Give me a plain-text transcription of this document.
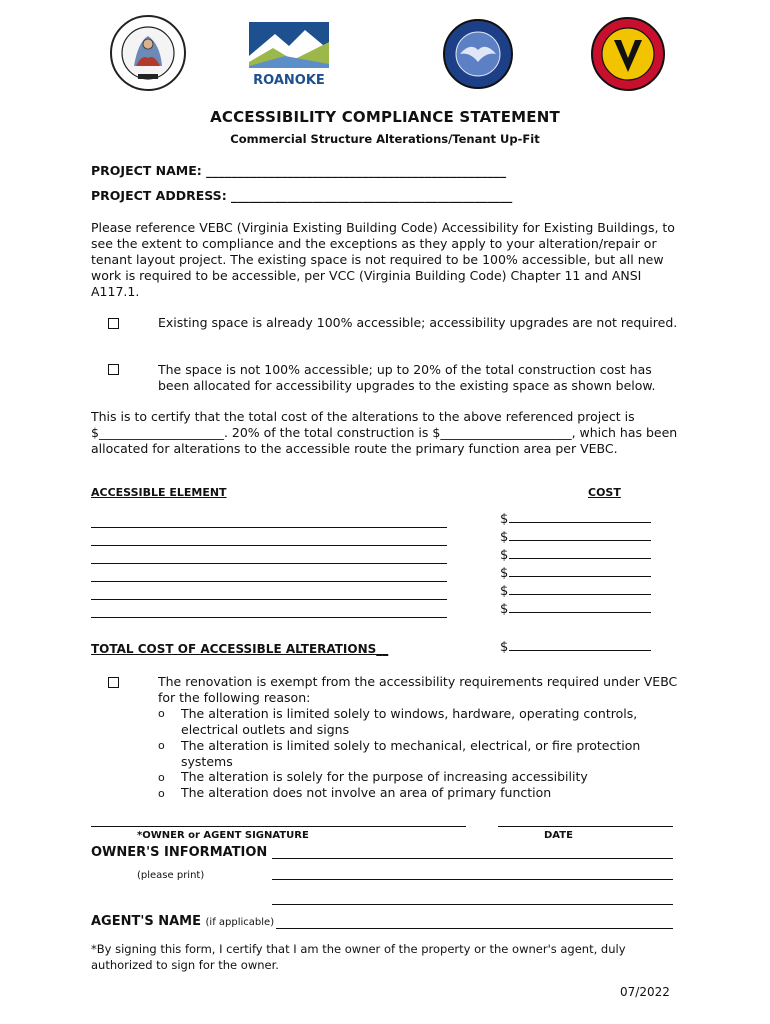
ROANOKE
ACCESSIBILITY COMPLIANCE STATEMENT
Commercial Structure Alterations/Tenant Up-Fit
PROJECT NAME: ________________________________________________
PROJECT ADDRESS: _____________________________________________
Please reference VEBC (Virginia Existing Building Code) Accessibility for Existing Buildings, to see the extent to compliance and the exceptions as they apply to your alteration/repair or tenant layout project. The existing space is not required to be 100% accessible, but all new work is required to be accessible, per VCC (Virginia Building Code) Chapter 11 and ANSI A117.1.
Existing space is already 100% accessible; accessibility upgrades are not required.
The space is not 100% accessible; up to 20% of the total construction cost has been allocated for accessibility upgrades to the existing space as shown below.
This is to certify that the total cost of the alterations to the above referenced project is $____________________. 20% of the total construction is $_____________________, which has been allocated for alterations to the accessible route the primary function area per VEBC.
ACCESSIBLE ELEMENT	COST
$
$
$
$
$
$
TOTAL COST OF ACCESSIBLE ALTERATIONS__	$
The renovation is exempt from the accessibility requirements required under VEBC for the following reason:
o The alteration is limited solely to windows, hardware, operating controls, electrical outlets and signs
o The alteration is limited solely to mechanical, electrical, or fire protection systems
o The alteration is solely for the purpose of increasing accessibility
o The alteration does not involve an area of primary function
*OWNER or AGENT SIGNATURE	DATE
OWNER'S INFORMATION
(please print)
AGENT'S NAME (if applicable)
*By signing this form, I certify that I am the owner of the property or the owner's agent, duly authorized to sign for the owner.
07/2022
